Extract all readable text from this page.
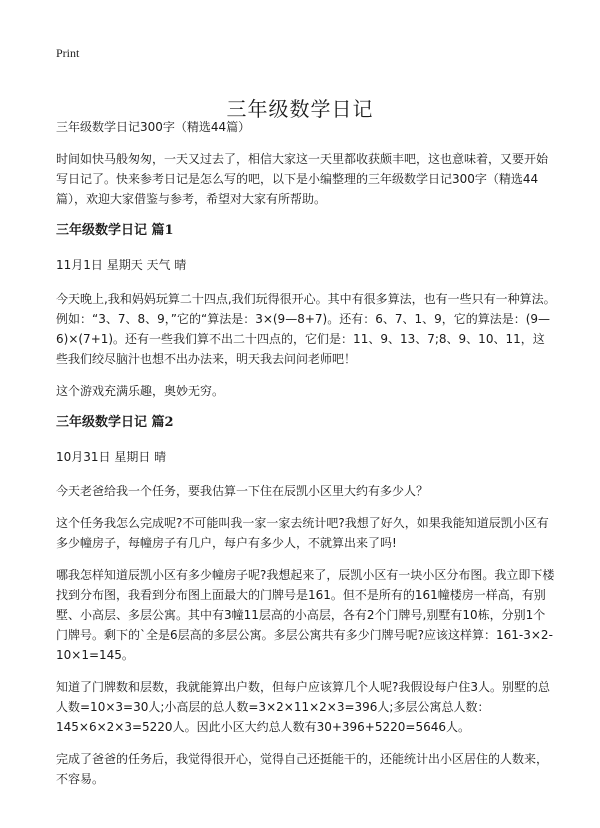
Print
三年级数学日记

三年级数学日记300字（精选44篇）

时间如快马般匆匆，一天又过去了，相信大家这一天里都收获颇丰吧，这也意味着，又要开始写日记了。快来参考日记是怎么写的吧，以下是小编整理的三年级数学日记300字（精选44篇），欢迎大家借鉴与参考，希望对大家有所帮助。

三年级数学日记 篇1

11月1日 星期天 天气 晴

今天晚上,我和妈妈玩算二十四点,我们玩得很开心。其中有很多算法，也有一些只有一种算法。例如：“3、7、8、9，”它的“算法是：3×(9—8+7)。还有：6、7、1、9，它的算法是：(9—6)×(7+1)。还有一些我们算不出二十四点的，它们是：11、9、13、7;8、9、10、11，这些我们绞尽脑汁也想不出办法来，明天我去问问老师吧！

这个游戏充满乐趣，奥妙无穷。

三年级数学日记 篇2

10月31日 星期日 晴

今天老爸给我一个任务，要我估算一下住在辰凯小区里大约有多少人？

这个任务我怎么完成呢?不可能叫我一家一家去统计吧?我想了好久，如果我能知道辰凯小区有多少幢房子，每幢房子有几户，每户有多少人，不就算出来了吗!

哪我怎样知道辰凯小区有多少幢房子呢?我想起来了，辰凯小区有一块小区分布图。我立即下楼找到分布图，我看到分布图上面最大的门牌号是161。但不是所有的161幢楼房一样高，有别墅、小高层、多层公寓。其中有3幢11层高的小高层，各有2个门牌号,别墅有10栋，分别1个门牌号。剩下的`全是6层高的多层公寓。多层公寓共有多少门牌号呢?应该这样算：161-3×2-10×1=145。

知道了门牌数和层数，我就能算出户数，但每户应该算几个人呢?我假设每户住3人。别墅的总人数=10×3=30人;小高层的总人数=3×2×11×2×3=396人;多层公寓总人数：145×6×2×3=5220人。因此小区大约总人数有30+396+5220=5646人。

完成了爸爸的任务后，我觉得很开心，觉得自己还挺能干的，还能统计出小区居住的人数来，不容易。
